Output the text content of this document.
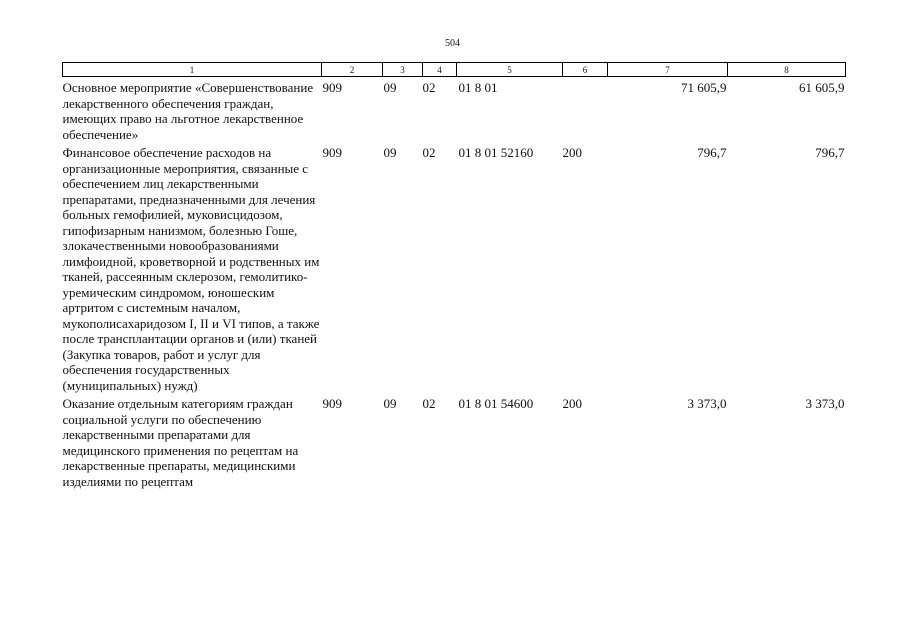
504
1	2	3	4	5	6	7	8
Основное мероприятие «Совершенствование лекарственного обеспечения граждан, имеющих право на льготное лекарственное обеспечение»	909	09	02	01 8 01		71 605,9	61 605,9
Финансовое обеспечение расходов на организационные мероприятия, связанные с обеспечением лиц лекарственными препаратами, предназначенными для лечения больных гемофилией, муковисцидозом, гипофизарным нанизмом, болезнью Гоше, злокачественными новообразованиями лимфоидной, кроветворной и родственных им тканей, рассеянным склерозом, гемолитико-уремическим синдромом, юношеским артритом с системным началом, мукополисахаридозом I, II и VI типов, а также после трансплантации органов и (или) тканей (Закупка товаров, работ и услуг для обеспечения государственных (муниципальных) нужд)	909	09	02	01 8 01 52160	200	796,7	796,7
Оказание отдельным категориям граждан социальной услуги по обеспечению лекарственными препаратами для медицинского применения по рецептам на лекарственные препараты, медицинскими изделиями по рецептам	909	09	02	01 8 01 54600	200	3 373,0	3 373,0
